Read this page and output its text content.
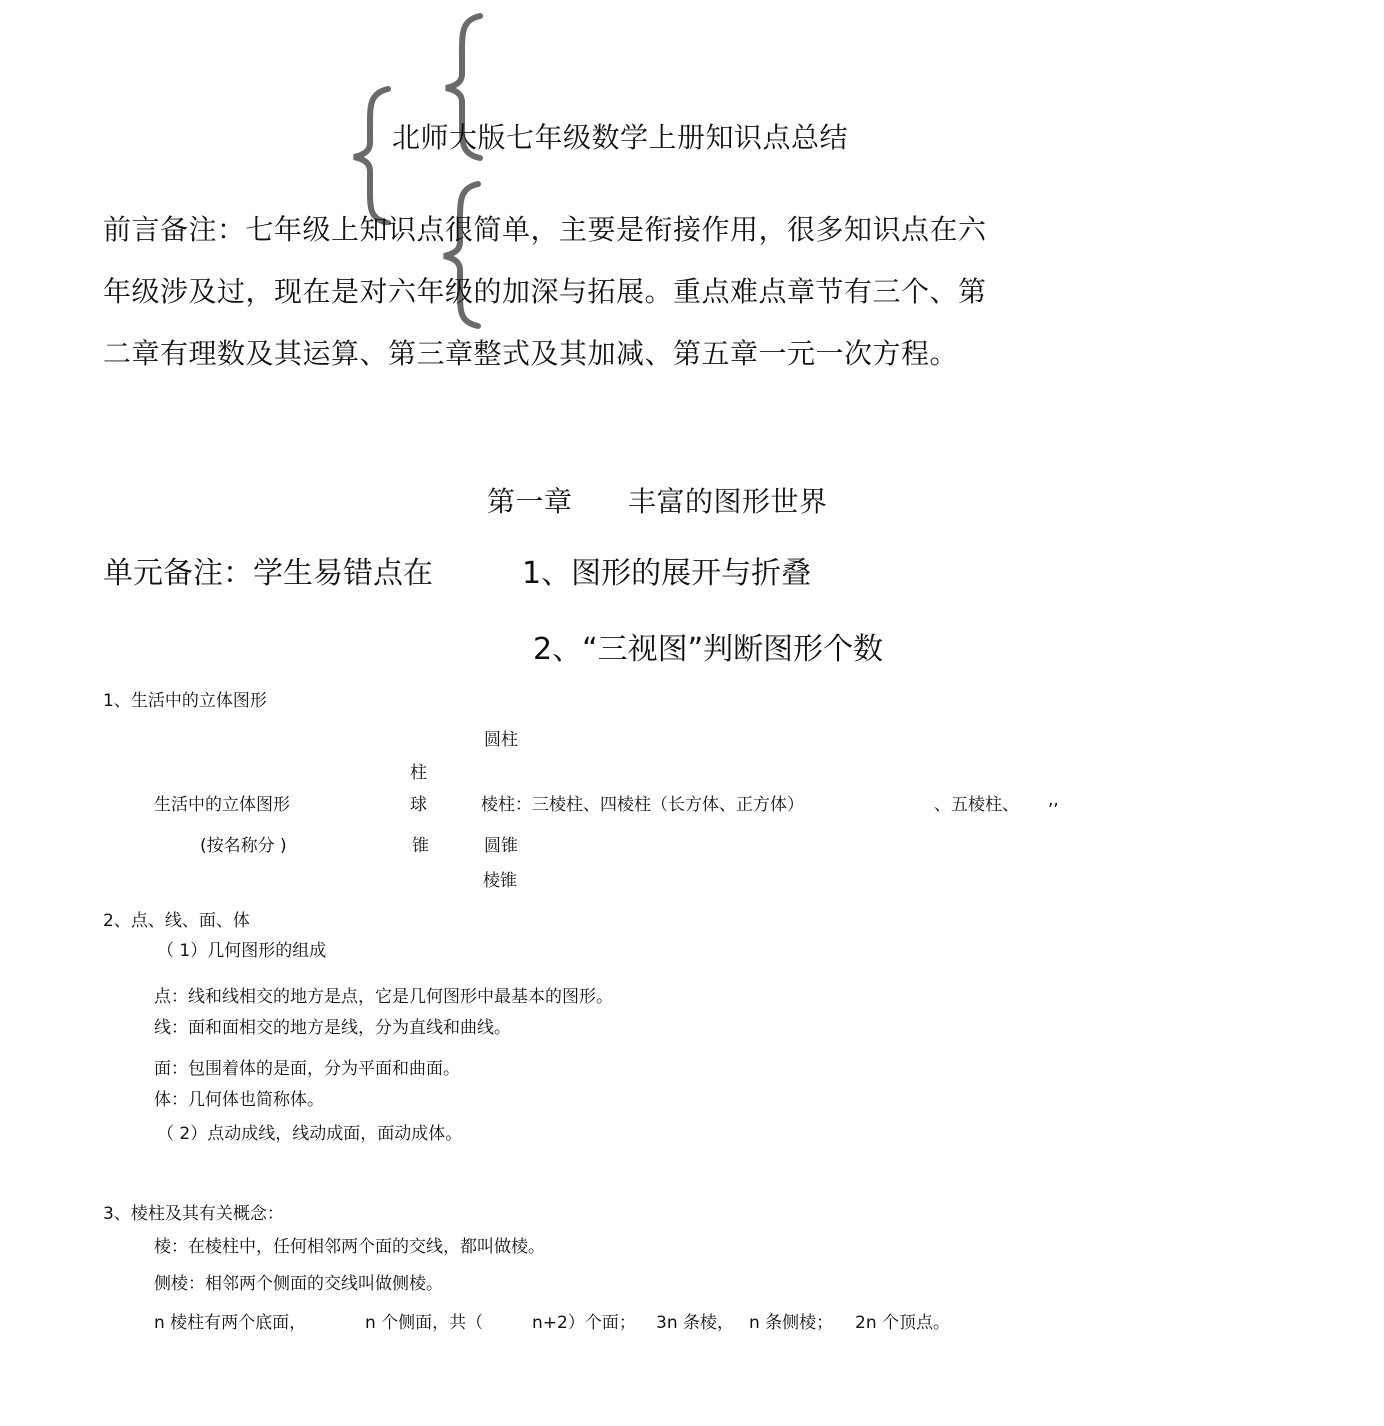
北师大版七年级数学上册知识点总结
前言备注：七年级上知识点很简单，主要是衔接作用，很多知识点在六
年级涉及过，现在是对六年级的加深与拓展。重点难点章节有三个、第
二章有理数及其运算、第三章整式及其加减、第五章一元一次方程。
第一章 丰富的图形世界
单元备注：学生易错点在	1、图形的展开与折叠
2、“三视图”判断图形个数
1、生活中的立体图形
圆柱
柱
生活中的立体图形	球	棱柱：三棱柱、四棱柱（长方体、正方体）	、五棱柱、 ,,
(按名称分 )	锥	圆锥
棱锥
2、点、线、面、体
（ 1）几何图形的组成
点：线和线相交的地方是点，它是几何图形中最基本的图形。
线：面和面相交的地方是线，分为直线和曲线。
面：包围着体的是面，分为平面和曲面。
体：几何体也简称体。
（ 2）点动成线，线动成面，面动成体。
3、棱柱及其有关概念：
棱：在棱柱中，任何相邻两个面的交线，都叫做棱。
侧棱：相邻两个侧面的交线叫做侧棱。
n 棱柱有两个底面，	n 个侧面，共（	n+2）个面； 3n 条棱， n 条侧棱； 2n 个顶点。
